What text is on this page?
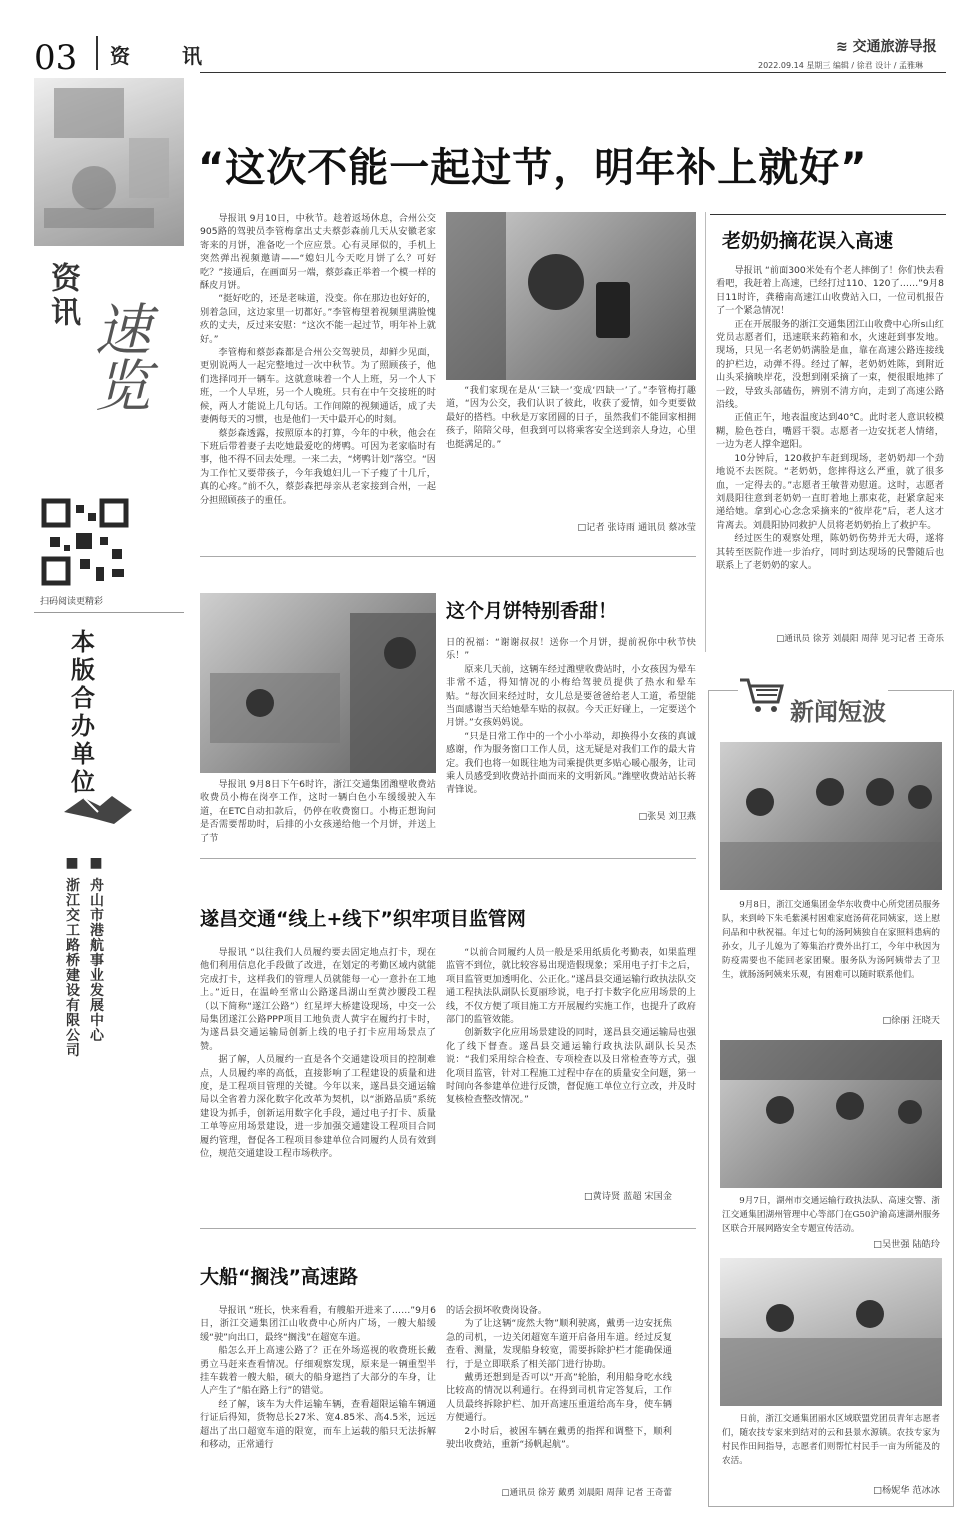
03 资　讯	≋ 交通旅游导报
2022.09.14 星期三 编辑 / 徐君 设计 / 孟雅琳
资讯
速览
扫码阅读更精彩
本版合办单位
■ 舟山市港航事业发展中心
■ 浙江交工路桥建设有限公司
“这次不能一起过节，明年补上就好”

导报讯 9月10日，中秋节。趁着返场休息，合州公交905路的驾驶员李管梅拿出丈夫蔡彭森前几天从安徽老家寄来的月饼，准备吃一个应应景。心有灵犀似的，手机上突然弹出视频邀请——“媳妇儿今天吃月饼了么？可好吃？”接通后，在画面另一端，蔡彭森正举着一个模一样的酥皮月饼。

“挺好吃的，还是老味道，没变。你在那边也好好的，别着急回，这边家里一切都好。”李管梅望着视频里满脸愧疚的丈夫，反过来安慰：“这次不能一起过节，明年补上就好。”

李管梅和蔡彭森都是合州公交驾驶员，却鲜少见面，更别说两人一起完整地过一次中秋节。为了照顾孩子，他们选择同开一辆车。这就意味着一个人上班，另一个人下班，一个人早班，另一个人晚班。只有在中午交接班的时候，两人才能说上几句话。工作间隙的视频通话，成了夫妻俩每天的习惯，也是他们一天中最开心的时刻。

蔡彭森透露，按照原本的打算，今年的中秋，他会在下班后带着妻子去吃她最爱吃的烤鸭。可因为老家临时有事，他不得不回去处理。一来二去，“烤鸭计划”落空。“因为工作忙又要带孩子，今年我媳妇儿一下子瘦了十几斤，真的心疼。”前不久，蔡彭森把母亲从老家接到合州，一起分担照顾孩子的重任。

“我们家现在是从‘三缺一’变成‘四缺一’了。”李管梅打趣道，“因为公交，我们认识了彼此，收获了爱情，如今更要做最好的搭档。中秋是万家团圆的日子，虽然我们不能回家相拥孩子，陪陪父母，但我到可以将乘客安全送到亲人身边，心里也挺满足的。”

□记者 张诗雨 通讯员 蔡冰莹
老奶奶摘花误入高速

导报讯 “前面300米处有个老人摔倒了！你们快去看看吧，我赶着上高速，已经打过110、120了……”9月8日11时许，龚稽南高速江山收费站入口，一位司机报告了一个紧急情况！

正在开展服务的浙江交通集团江山收费中心所s山红党员志愿者们，迅速联来药箱和水，火速赶到事发地。现场，只见一名老奶奶满脸是血，靠在高速公路连接线的护栏边，动弹不得。经过了解，老奶奶姓陈，到附近山头采摘映岸花，没想到刚采摘了一束，便很眼地摔了一跤，导致头部磕伤，辨别不清方向，走到了高速公路沿线。

正值正午，地表温度达到40℃。此时老人意识较模糊，脸色苍白，嘴唇干裂。志愿者一边安抚老人情绪，一边为老人撑伞遮阳。

10分钟后，120救护车赶到现场，老奶奶却一个劲地说不去医院。“老奶奶，您摔得这么严重，就了很多血，一定得去的。”志愿者王敏普劝慰道。这时，志愿者刘晨阳往意到老奶奶一直盯着地上那束花，赶紧拿起来递给她。拿到心心念念采摘来的“彼岸花”后，老人这才肯离去。刘晨阳协同救护人员将老奶奶抬上了救护车。

经过医生的观察处理，陈奶奶伤势并无大碍，遂将其转至医院作进一步治疗，同时到达现场的民警随后也联系上了老奶奶的家人。

□通讯员 徐芳 刘晨阳 周萍 见习记者 王奇乐
这个月饼特别香甜！

日的祝福：“谢谢叔叔！送你一个月饼，提前祝你中秋节快乐！”

原来几天前，这辆车经过潍壁收费站时，小女孩因为晕车非常不适，得知情况的小梅给驾驶员提供了热水和晕车贴。“每次回来经过时，女儿总是要爸爸给老人工道，希望能当面感谢当天给她晕车贴的叔叔。今天正好碰上，一定要送个月饼。”女孩妈妈说。

“只是日常工作中的一个小小举动，却换得小女孩的真诚感谢，作为服务窗口工作人员，这无疑是对我们工作的最大肯定。我们也将一如既往地为司乘提供更多贴心暖心服务，让司乘人员感受到收费站扑面而来的文明新风。”潍壁收费站站长蒋青锋说。

导报讯 9月8日下午6时许，浙江交通集团潍壁收费站收费员小梅在岗亭工作，这时一辆白色小车缓缓驶入车道，在ETC自动扣款后，仍停在收费窗口。小梅正想询问是否需要帮助时，后排的小女孩递给他一个月饼，并送上了节

□张昊 刘卫燕
遂昌交通“线上+线下”织牢项目监管网

导报讯 “以往我们人员履约要去固定地点打卡，现在他们利用信息化手段做了改进，在划定的考勤区域内就能完成打卡，这样我们的管理人员就能每一心一意扑在工地上。”近日，在温岭至常山公路遂昌湖山至黄沙腰段工程（以下简称“遂江公路”）红星坪大桥建设现场，中交一公局集团遂江公路PPP项目工地负责人黄宇在履约打卡时，为遂昌县交通运输局创新上线的电子打卡应用场景点了赞。

据了解，人员履约一直是各个交通建设项目的控制难点，人员履约率的高低，直接影响了工程建设的质量和进度，是工程项目管理的关键。今年以来，遂昌县交通运输局以全省着力深化数字化改革为契机，以“浙路品质”系统建设为抓手，创新运用数字化手段，通过电子打卡、质量工单等应用场景建设，进一步加强交通建设工程项目合同履约管理，督促各工程项目参建单位合同履约人员有效到位，规范交通建设工程市场秩序。

“以前合同履约人员一般是采用纸质化考勤表，如果监理监管不到位，就比较容易出现造假现象；采用电子打卡之后，项目监管更加透明化、公正化。”遂昌县交通运输行政执法队交通工程执法队副队长夏丽珍说，电子打卡数字化应用场景的上线，不仅方便了项目施工方开展履约实施工作，也提升了政府部门的监管效能。

创新数字化应用场景建设的同时，遂昌县交通运输局也强化了线下督查。遂昌县交通运输行政执法队副队长吴杰说：“我们采用综合检查、专项检查以及日常检查等方式，强化项目监管，针对工程施工过程中存在的质量安全问题，第一时间向各参建单位进行反馈，督促施工单位立行立改，并及时复核检查整改情况。”

□黄诗贤 蓝超 宋国金
大船“搁浅”高速路

导报讯 “班长，快来看看，有艘船开进来了……”9月6日，浙江交通集团江山收费中心所内广场，一艘大船缓缓“驶”向出口，最终“搁浅”在超宽车道。

船怎么开上高速公路了？正在外场巡视的收费班长戴勇立马赶来查看情况。仔细观察发现，原来是一辆重型半挂车载着一艘大船，硕大的船身遮挡了大部分的车身，让人产生了“船在路上行”的错觉。

经了解，该车为大件运输车辆，查看超限运输车辆通行证后得知，货物总长27米、宽4.85米、高4.5米，远远超出了出口超宽车道的限宽，而车上运载的船只无法拆解和移动，正常通行

的话会损坏收费岗设备。

为了让这辆“庞然大物”顺利驶离，戴勇一边安抚焦急的司机，一边关闭超宽车道开启备用车道。经过反复查看、测量，发现船身较宽，需要拆除护栏才能确保通行，于是立即联系了相关部门进行协助。

戴勇还想到是否可以“开高”轮胎，利用船身吃水线比较高的情况以利通行。在得到司机肯定答复后，工作人员最终拆除护栏、加开高速压重道给高车身，使车辆方便通行。

2小时后，被困车辆在戴勇的指挥和调整下，顺利驶出收费站，重新“扬帆起航”。

□通讯员 徐芳 戴勇 刘晨阳 周萍 记者 王奇蕾
新闻短波

9月8日，浙江交通集团金华东收费中心所党团员服务队，来到岭下朱毛紫溪村困难家庭汤荷花同姨家，送上慰问品和中秋祝福。年过七旬的汤阿姨独自在家照料患病的孙女，儿子儿媳为了筹集治疗费外出打工，今年中秋因为防疫需要也不能回老家团聚。服务队为汤阿姨带去了卫生，就肠汤阿姨来乐观，有困难可以随时联系他们。

□徐丽 汪晓天

9月7日，湖州市交通运输行政执法队、高速交警、浙江交通集团湖州管理中心等部门在G50沪渝高速湖州服务区联合开展网路安全专题宣传活动。

□吴世强 陆皓玲

日前，浙江交通集团丽水区域联盟党团员青年志愿者们，随农技专家来到结对的云和县景水源镇。农技专家为村民作田间指导，志愿者们则帮忙村民手一亩为所能及的农活。

□杨妮华 范冰冰
